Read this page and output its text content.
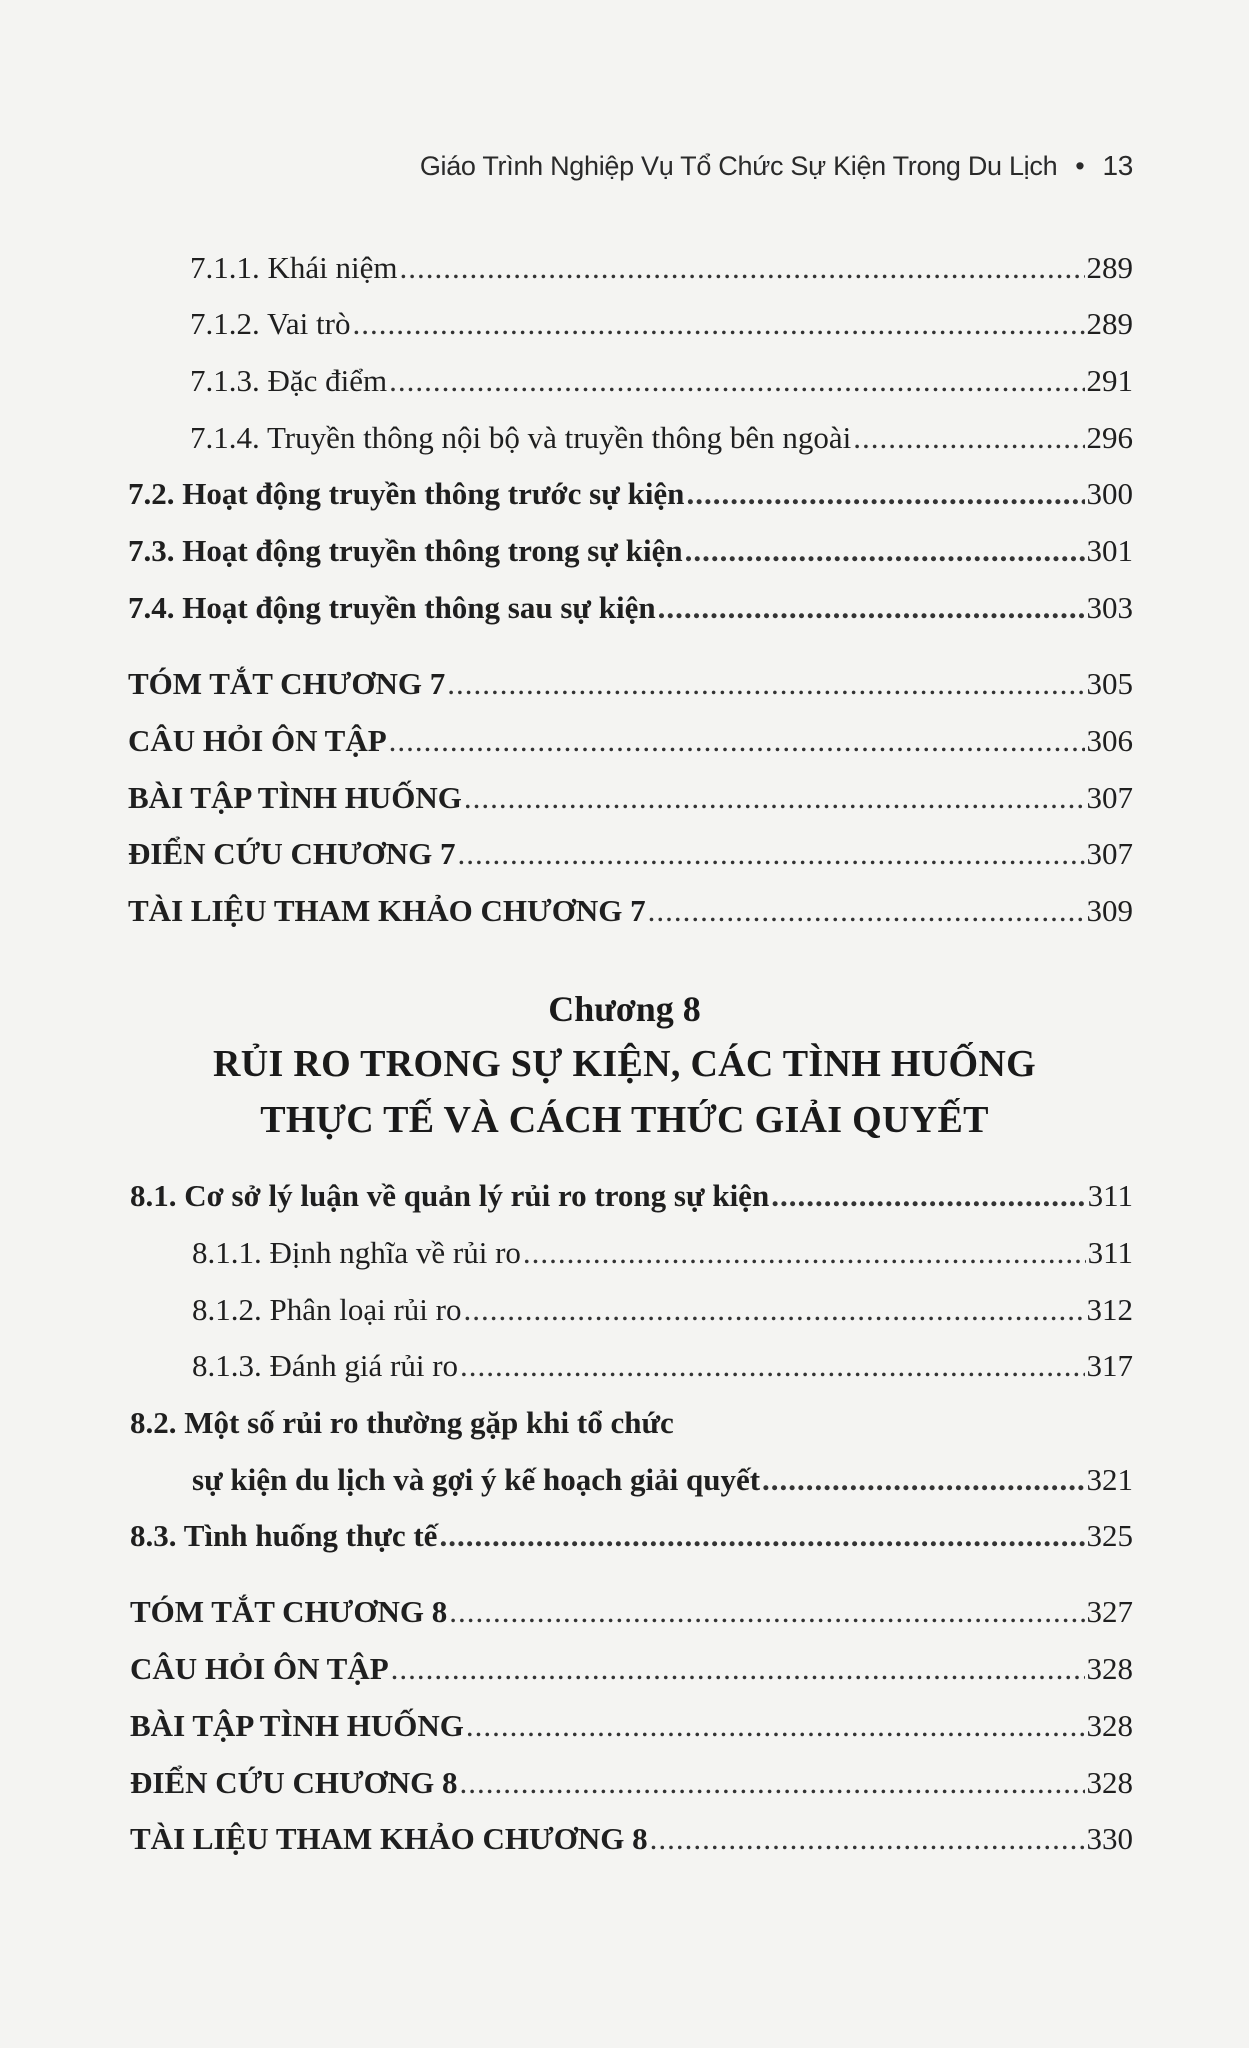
Giáo Trình Nghiệp Vụ Tổ Chức Sự Kiện Trong Du Lịch • 13
7.1.1. Khái niệm .....	289
7.1.2. Vai trò .....	289
7.1.3. Đặc điểm .....	291
7.1.4. Truyền thông nội bộ và truyền thông bên ngoài .....	296
7.2. Hoạt động truyền thông trước sự kiện .....	300
7.3. Hoạt động truyền thông trong sự kiện .....	301
7.4. Hoạt động truyền thông sau sự kiện .....	303
TÓM TẮT CHƯƠNG 7 .....	305
CÂU HỎI ÔN TẬP .....	306
BÀI TẬP TÌNH HUỐNG .....	307
ĐIỂN CỨU CHƯƠNG 7 .....	307
TÀI LIỆU THAM KHẢO CHƯƠNG 7 .....	309
Chương 8
RỦI RO TRONG SỰ KIỆN, CÁC TÌNH HUỐNG
THỰC TẾ VÀ CÁCH THỨC GIẢI QUYẾT
8.1. Cơ sở lý luận về quản lý rủi ro trong sự kiện .....	311
8.1.1. Định nghĩa về rủi ro .....	311
8.1.2. Phân loại rủi ro .....	312
8.1.3. Đánh giá rủi ro .....	317
8.2. Một số rủi ro thường gặp khi tổ chức
sự kiện du lịch và gợi ý kế hoạch giải quyết .....	321
8.3. Tình huống thực tế .....	325
TÓM TẮT CHƯƠNG 8 .....	327
CÂU HỎI ÔN TẬP .....	328
BÀI TẬP TÌNH HUỐNG .....	328
ĐIỂN CỨU CHƯƠNG 8 .....	328
TÀI LIỆU THAM KHẢO CHƯƠNG 8 .....	330
